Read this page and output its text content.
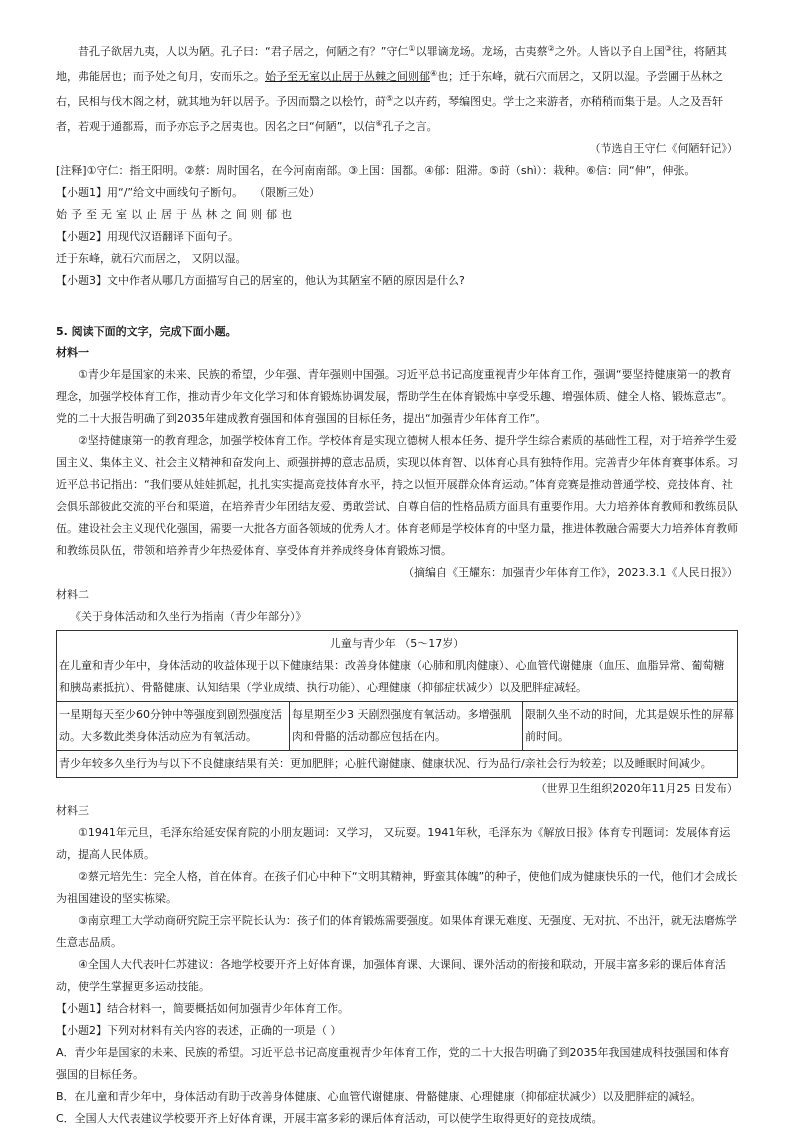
昔孔子欲居九夷，人以为陋。孔子曰：“君子居之，何陋之有？”守仁①以罪谪龙场。龙场，古夷蔡②之外。人皆以予自上国③往，将陋其地，弗能居也；而予处之旬月，安而乐之。始予至无室以止居于丛棘之间则郁④也；迁于东峰，就石穴而居之，又阴以湿。予尝圃于丛林之右，民相与伐木阁之材，就其地为轩以居予。予因而翳之以桧竹，莳⑤之以卉药，琴编图史。学士之来游者，亦稍稍而集于是。人之及吾轩者，若观于通都焉，而予亦忘予之居夷也。因名之曰“何陋”，以信⑥孔子之言。

（节选自王守仁《何陋轩记》）

[注释]①守仁：指王阳明。②蔡：周时国名，在今河南南部。③上国：国都。④郁：阻滞。⑤莳（shì）：栽种。⑥信：同“伸”，伸张。

【小题1】用“/”给文中画线句子断句。　　（限断三处）

始予至无室以止居于丛林之间则郁也

【小题2】用现代汉语翻译下面句子。

迁于东峰，就石穴而居之， 又阴以湿。

【小题3】文中作者从哪几方面描写自己的居室的，他认为其陋室不陋的原因是什么?

5. 阅读下面的文字，完成下面小题。

材料一

①青少年是国家的未来、民族的希望，少年强、青年强则中国强。习近平总书记高度重视青少年体育工作，强调“要坚持健康第一的教育理念，加强学校体育工作，推动青少年文化学习和体育锻炼协调发展，帮助学生在体育锻炼中享受乐趣、增强体质、健全人格、锻炼意志”。党的二十大报告明确了到2035年建成教育强国和体育强国的目标任务，提出“加强青少年体育工作”。

②坚持健康第一的教育理念，加强学校体育工作。学校体育是实现立德树人根本任务、提升学生综合素质的基础性工程，对于培养学生爱国主义、集体主义、社会主义精神和奋发向上、顽强拼搏的意志品质，实现以体育智、以体育心具有独特作用。完善青少年体育赛事体系。习近平总书记指出：“我们要从娃娃抓起，扎扎实实提高竞技体育水平，持之以恒开展群众体育运动。”体育竞赛是推动普通学校、竞技体育、社会俱乐部彼此交流的平台和渠道，在培养青少年团结友爱、勇敢尝试、自尊自信的性格品质方面具有重要作用。大力培养体育教师和教练员队伍。建设社会主义现代化强国，需要一大批各方面各领域的优秀人才。体育老师是学校体育的中坚力量，推进体教融合需要大力培养体育教师和教练员队伍，带领和培养青少年热爱体育、享受体育并养成终身体育锻炼习惯。

（摘编自《王耀东：加强青少年体育工作》，2023.3.1《人民日报》）

材料二

《关于身体活动和久坐行为指南（青少年部分）》

儿童与青少年 （5～17岁）
在儿童和青少年中，身体活动的收益体现于以下健康结果：改善身体健康（心肺和肌肉健康）、心血管代谢健康（血压、血脂异常、葡萄糖和胰岛素抵抗）、骨骼健康、认知结果（学业成绩、执行功能）、心理健康（抑郁症状减少）以及肥胖症减轻。

一星期每天至少60分钟中等强度到剧烈强度活动。大多数此类身体活动应为有氧活动。	每星期至少3 天剧烈强度有氧活动。多增强肌肉和骨骼的活动都应包括在内。	限制久坐不动的时间，尤其是娱乐性的屏幕前时间。
青少年较多久坐行为与以下不良健康结果有关：更加肥胖；心脏代谢健康、健康状况、行为品行/亲社会行为较差；以及睡眠时间减少。

（世界卫生组织2020年11月25 日发布）

材料三

①1941年元旦，毛泽东给延安保育院的小朋友题词：又学习， 又玩耍。1941年秋，毛泽东为《解放日报》体育专刊题词：发展体育运动，提高人民体质。

②蔡元培先生：完全人格，首在体育。在孩子们心中种下“文明其精神，野蛮其体魄”的种子，使他们成为健康快乐的一代，他们才会成长为祖国建设的坚实栋梁。

③南京理工大学动商研究院王宗平院长认为：孩子们的体育锻炼需要强度。如果体育课无难度、无强度、无对抗、不出汗，就无法磨炼学生意志品质。

④全国人大代表叶仁苏建议：各地学校要开齐上好体育课，加强体育课、大课间、课外活动的衔接和联动，开展丰富多彩的课后体育活动，使学生掌握更多运动技能。

【小题1】结合材料一，简要概括如何加强青少年体育工作。

【小题2】下列对材料有关内容的表述，正确的一项是（ ）

A．青少年是国家的未来、民族的希望。习近平总书记高度重视青少年体育工作，党的二十大报告明确了到2035年我国建成科技强国和体育强国的目标任务。

B．在儿童和青少年中，身体活动有助于改善身体健康、心血管代谢健康、骨骼健康、心理健康（抑郁症状减少）以及肥胖症的减轻。

C．全国人大代表建议学校要开齐上好体育课，开展丰富多彩的课后体育活动，可以使学生取得更好的竞技成绩。
